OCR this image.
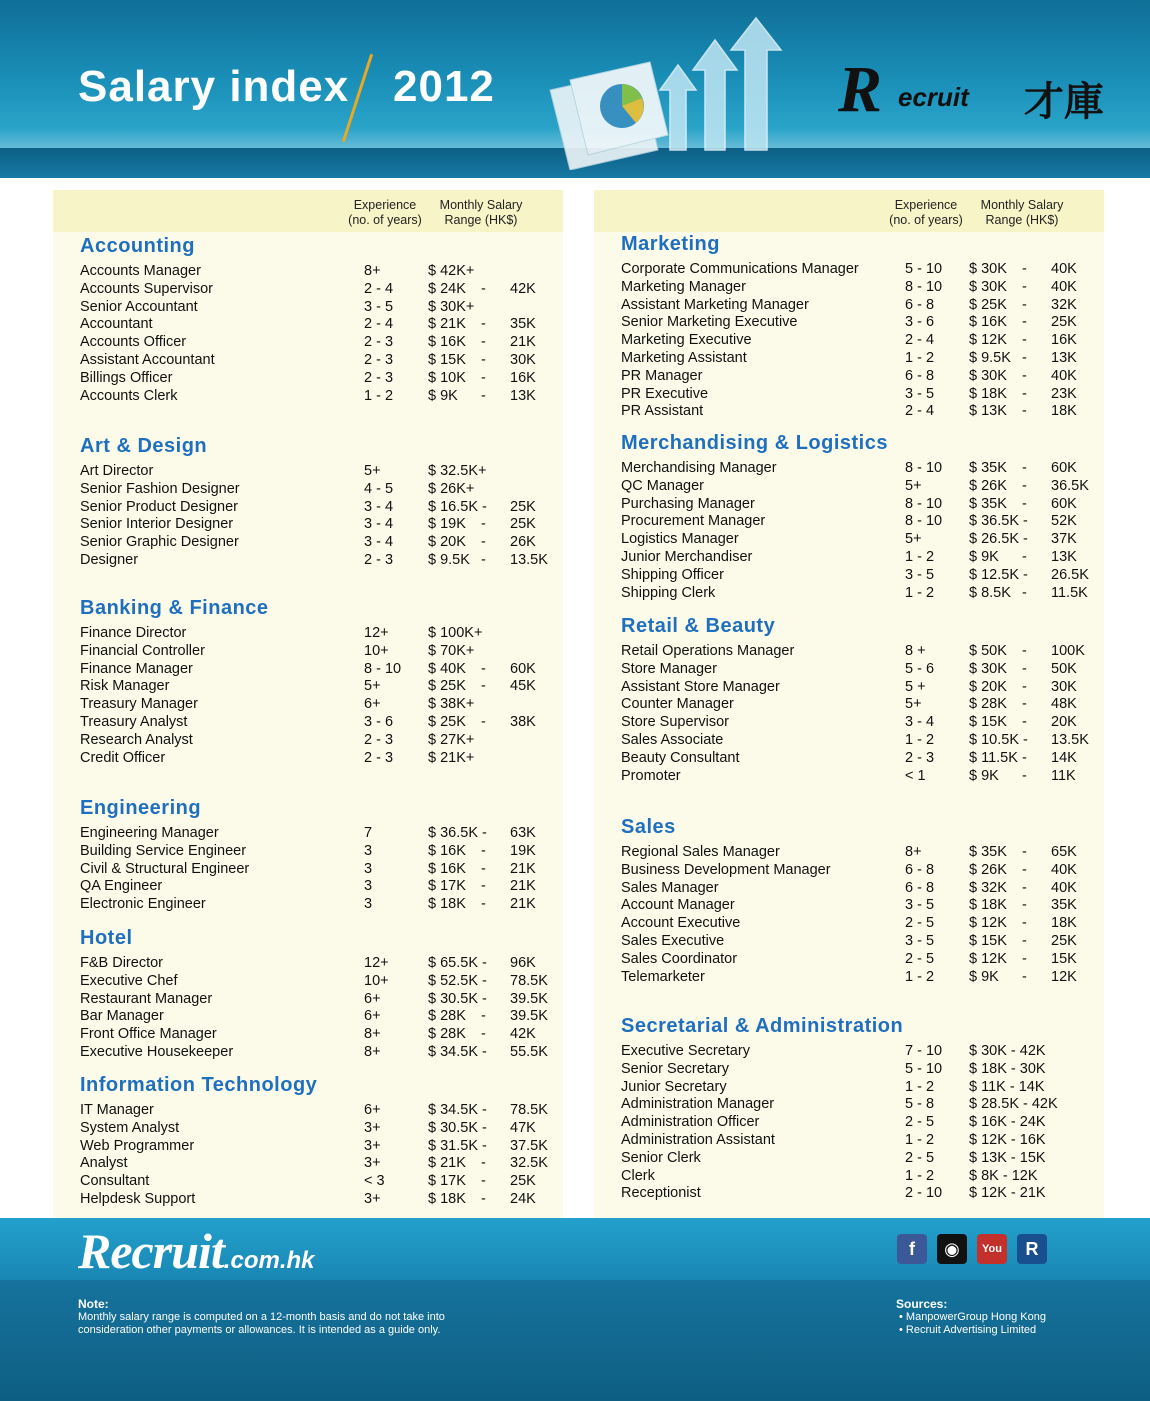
Salary index 2012	R ecruit 才庫
Experience
(no. of years)
Monthly Salary
Range (HK$)
Accounting
Accounts Manager	8+	$ 42K+
Accounts Supervisor	2 - 4 $ 24K - 42K
Senior Accountant	3 - 5 $ 30K+
Accountant	2 - 4 $ 21K - 35K
Accounts Officer	2 - 3 $ 16K - 21K
Assistant Accountant	2 - 3 $ 15K - 30K
Billings Officer	2 - 3 $ 10K - 16K
Accounts Clerk	1 - 2 $ 9K - 13K
Art & Design
Art Director	5+	$ 32.5K+
Senior Fashion Designer	4 - 5 $ 26K+
Senior Product Designer	3 - 4 $ 16.5K - 25K
Senior Interior Designer	3 - 4 $ 19K - 25K
Senior Graphic Designer	3 - 4 $ 20K - 26K
Designer	2 - 3 $ 9.5K - 13.5K
Banking & Finance
Finance Director	12+	$ 100K+
Financial Controller	10+	$ 70K+
Finance Manager	8 - 10 $ 40K - 60K
Risk Manager	5+	$ 25K - 45K
Treasury Manager	6+	$ 38K+
Treasury Analyst	3 - 6 $ 25K - 38K
Research Analyst	2 - 3 $ 27K+
Credit Officer	2 - 3 $ 21K+
Engineering
Engineering Manager	7	$ 36.5K - 63K
Building Service Engineer	3	$ 16K - 19K
Civil & Structural Engineer	3	$ 16K - 21K
QA Engineer	3	$ 17K - 21K
Electronic Engineer	3	$ 18K - 21K
Hotel
F&B Director	12+	$ 65.5K - 96K
Executive Chef	10+	$ 52.5K - 78.5K
Restaurant Manager	6+	$ 30.5K - 39.5K
Bar Manager	6+	$ 28K - 39.5K
Front Office Manager	8+	$ 28K - 42K
Executive Housekeeper	8+	$ 34.5K - 55.5K
Information Technology
IT Manager	6+	$ 34.5K - 78.5K
System Analyst	3+	$ 30.5K - 47K
Web Programmer	3+	$ 31.5K - 37.5K
Analyst	3+	$ 21K - 32.5K
Consultant	< 3	$ 17K - 25K
Helpdesk Support	3+	$ 18K - 24K
Experience
(no. of years)
Monthly Salary
Range (HK$)
Marketing
Corporate Communications Manager	5 - 10 $ 30K - 40K
Marketing Manager	8 - 10 $ 30K - 40K
Assistant Marketing Manager	6 - 8 $ 25K - 32K
Senior Marketing Executive	3 - 6 $ 16K - 25K
Marketing Executive	2 - 4 $ 12K - 16K
Marketing Assistant	1 - 2 $ 9.5K - 13K
PR Manager	6 - 8 $ 30K - 40K
PR Executive	3 - 5 $ 18K - 23K
PR Assistant	2 - 4 $ 13K - 18K
Merchandising & Logistics
Merchandising Manager	8 - 10 $ 35K - 60K
QC Manager	5+	$ 26K - 36.5K
Purchasing Manager	8 - 10 $ 35K - 60K
Procurement Manager	8 - 10 $ 36.5K - 52K
Logistics Manager	5+	$ 26.5K - 37K
Junior Merchandiser	1 - 2 $ 9K - 13K
Shipping Officer	3 - 5 $ 12.5K - 26.5K
Shipping Clerk	1 - 2 $ 8.5K - 11.5K
Retail & Beauty
Retail Operations Manager	8 +	$ 50K - 100K
Store Manager	5 - 6 $ 30K - 50K
Assistant Store Manager	5 +	$ 20K - 30K
Counter Manager	5+	$ 28K - 48K
Store Supervisor	3 - 4 $ 15K - 20K
Sales Associate	1 - 2 $ 10.5K - 13.5K
Beauty Consultant	2 - 3 $ 11.5K - 14K
Promoter	< 1	$ 9K - 11K
Sales
Regional Sales Manager	8+	$ 35K - 65K
Business Development Manager	6 - 8 $ 26K - 40K
Sales Manager	6 - 8 $ 32K - 40K
Account Manager	3 - 5 $ 18K - 35K
Account Executive	2 - 5 $ 12K - 18K
Sales Executive	3 - 5 $ 15K - 25K
Sales Coordinator	2 - 5 $ 12K - 15K
Telemarketer	1 - 2 $ 9K - 12K
Secretarial & Administration
Executive Secretary	7 - 10 $ 30K - 42K
Senior Secretary	5 - 10 $ 18K - 30K
Junior Secretary	1 - 2 $ 11K - 14K
Administration Manager	5 - 8 $ 28.5K - 42K
Administration Officer	2 - 5 $ 16K - 24K
Administration Assistant	1 - 2 $ 12K - 16K
Senior Clerk	2 - 5 $ 13K - 15K
Clerk	1 - 2 $ 8K - 12K
Receptionist	2 - 10 $ 12K - 21K
Recruit.com.hk	f	◉	You	R
Note:
Monthly salary range is computed on a 12-month basis and do not take into consideration other payments or allowances. It is intended as a guide only.
Sources:
• ManpowerGroup Hong Kong
• Recruit Advertising Limited
